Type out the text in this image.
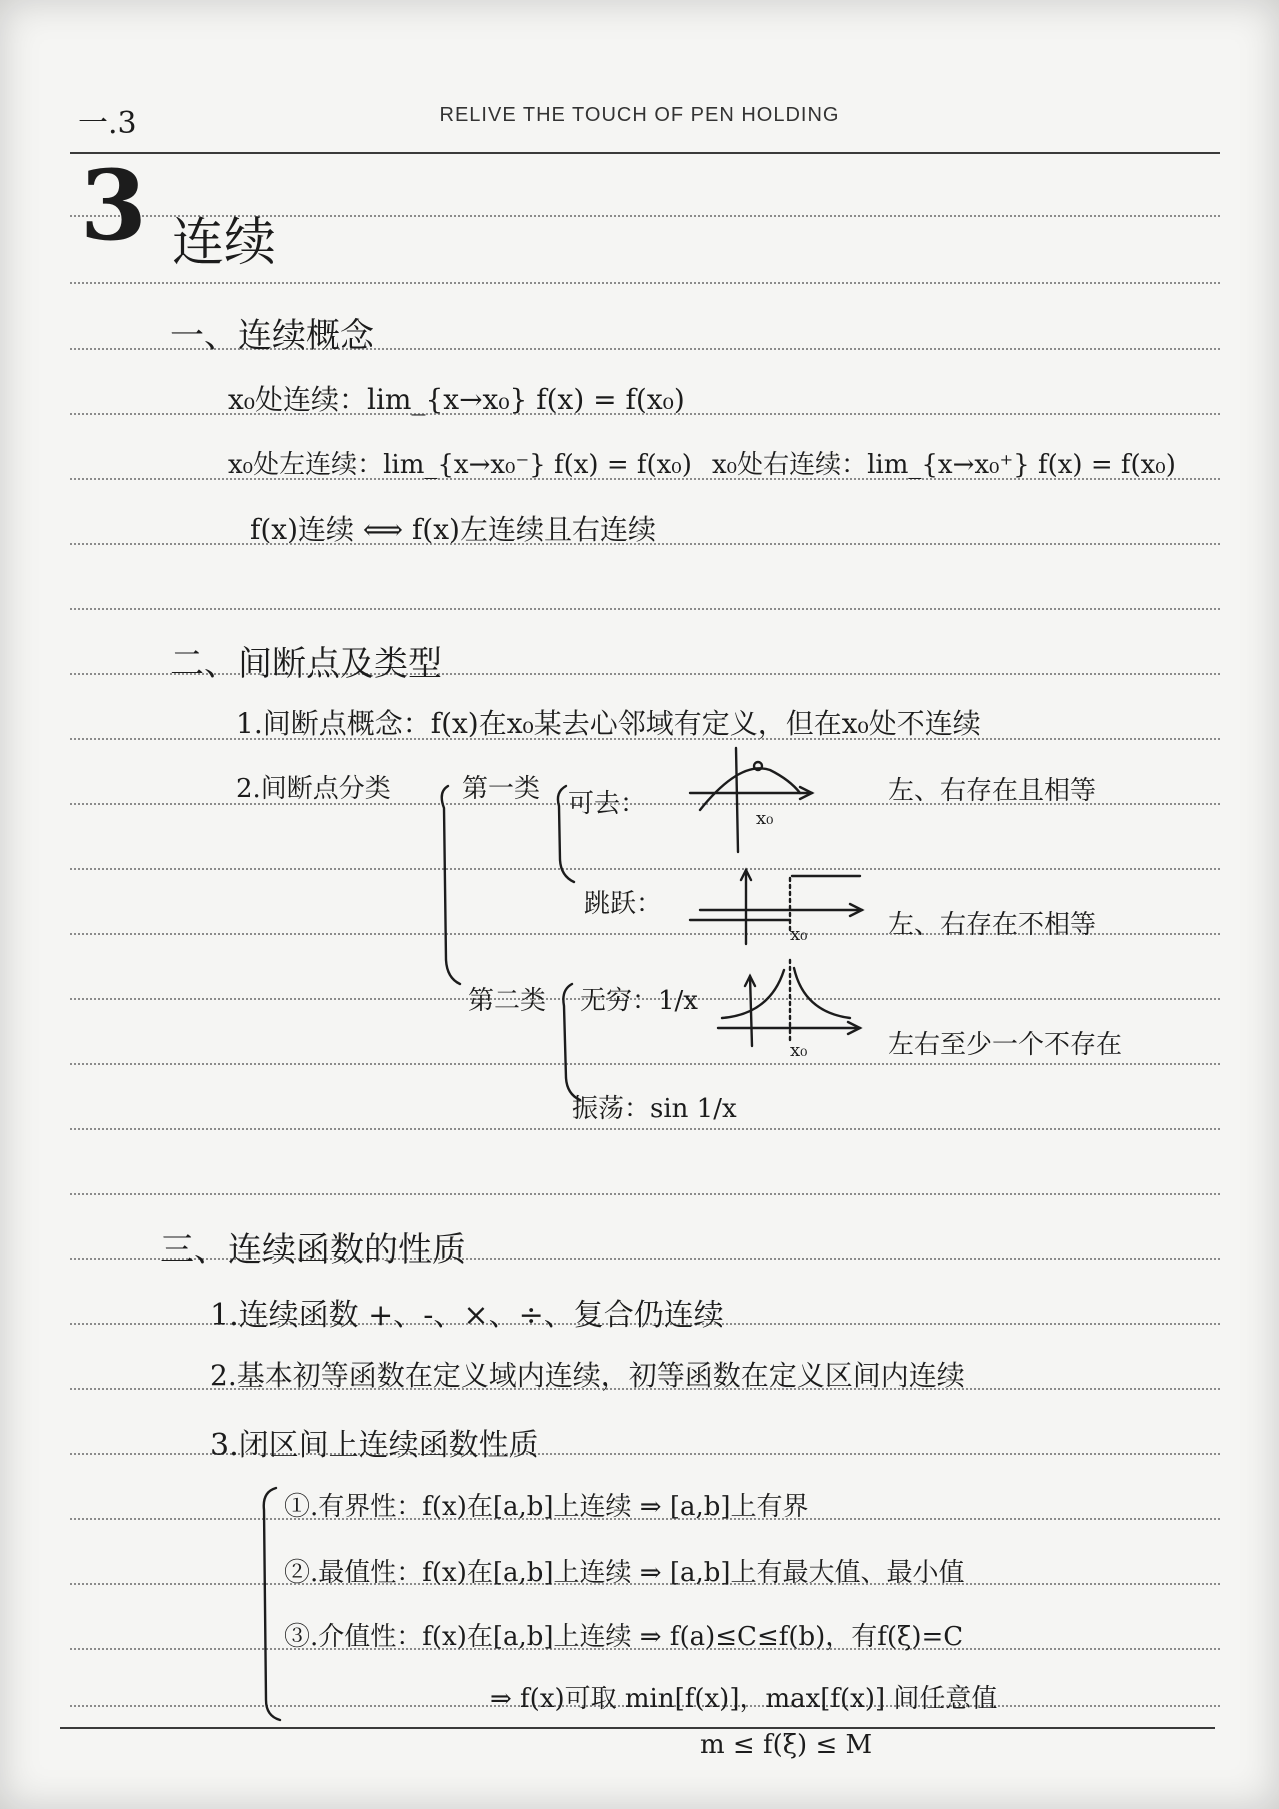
一.3	RELIVE THE TOUCH OF PEN HOLDING
3 连续
一、连续概念
x₀处连续：lim_{x→x₀} f(x) = f(x₀)
x₀处左连续：lim_{x→x₀⁻} f(x) = f(x₀) x₀处右连续：lim_{x→x₀⁺} f(x) = f(x₀)
f(x)连续 ⟺ f(x)左连续且右连续
二、间断点及类型
1.间断点概念：f(x)在x₀某去心邻域有定义，但在x₀处不连续
2.间断点分类	第一类 可去：	左、右存在且相等
跳跃：
左、右存在不相等
第二类 无穷：1/x
左右至少一个不存在
振荡：sin 1/x
x₀
x₀
x₀
三、连续函数的性质
1.连续函数 +、-、×、÷、复合仍连续
2.基本初等函数在定义域内连续，初等函数在定义区间内连续
3.闭区间上连续函数性质
①.有界性：f(x)在[a,b]上连续 ⇒ [a,b]上有界
②.最值性：f(x)在[a,b]上连续 ⇒ [a,b]上有最大值、最小值
③.介值性：f(x)在[a,b]上连续 ⇒ f(a)≤C≤f(b)，有f(ξ)=C
⇒ f(x)可取 min[f(x)]，max[f(x)] 间任意值
m ≤ f(ξ) ≤ M
